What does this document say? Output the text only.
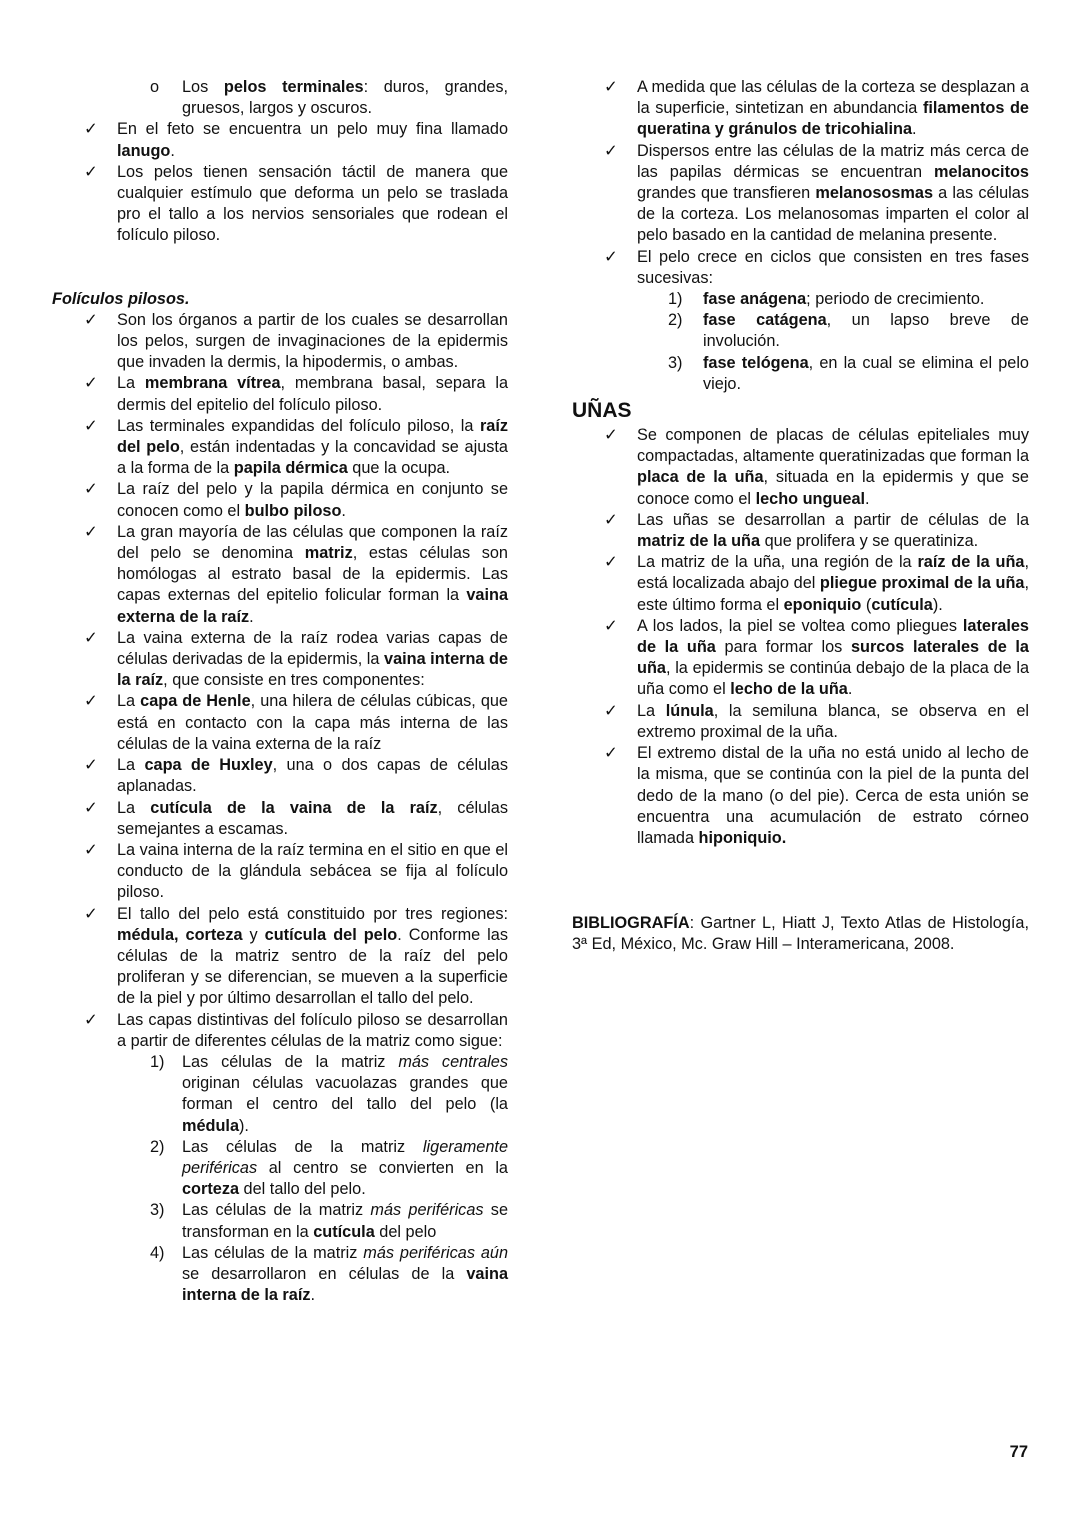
o Los pelos terminales: duros, grandes, gruesos, largos y oscuros.
✓ En el feto se encuentra un pelo muy fina llamado lanugo.
✓ Los pelos tienen sensación táctil de manera que cualquier estímulo que deforma un pelo se traslada pro el tallo a los nervios sensoriales que rodean el folículo piloso.
Folículos pilosos.
✓ Son los órganos a partir de los cuales se desarrollan los pelos, surgen de invaginaciones de la epidermis que invaden la dermis, la hipodermis, o ambas.
✓ La membrana vítrea, membrana basal, separa la dermis del epitelio del folículo piloso.
✓ Las terminales expandidas del folículo piloso, la raíz del pelo, están indentadas y la concavidad se ajusta a la forma de la papila dérmica que la ocupa.
✓ La raíz del pelo y la papila dérmica en conjunto se conocen como el bulbo piloso.
✓ La gran mayoría de las células que componen la raíz del pelo se denomina matriz, estas células son homólogas al estrato basal de la epidermis. Las capas externas del epitelio folicular forman la vaina externa de la raíz.
✓ La vaina externa de la raíz rodea varias capas de células derivadas de la epidermis, la vaina interna de la raíz, que consiste en tres componentes:
✓ La capa de Henle, una hilera de células cúbicas, que está en contacto con la capa más interna de las células de la vaina externa de la raíz
✓ La capa de Huxley, una o dos capas de células aplanadas.
✓ La cutícula de la vaina de la raíz, células semejantes a escamas.
✓ La vaina interna de la raíz termina en el sitio en que el conducto de la glándula sebácea se fija al folículo piloso.
✓ El tallo del pelo está constituido por tres regiones: médula, corteza y cutícula del pelo. Conforme las células de la matriz sentro de la raíz del pelo proliferan y se diferencian, se mueven a la superficie de la piel y por último desarrollan el tallo del pelo.
✓ Las capas distintivas del folículo piloso se desarrollan a partir de diferentes células de la matriz como sigue:
1) Las células de la matriz más centrales originan células vacuolazas grandes que forman el centro del tallo del pelo (la médula).
2) Las células de la matriz ligeramente periféricas al centro se convierten en la corteza del tallo del pelo.
3) Las células de la matriz más periféricas se transforman en la cutícula del pelo
4) Las células de la matriz más periféricas aún se desarrollaron en células de la vaina interna de la raíz.
✓ A medida que las células de la corteza se desplazan a la superficie, sintetizan en abundancia filamentos de queratina y gránulos de tricohialina.
✓ Dispersos entre las células de la matriz más cerca de las papilas dérmicas se encuentran melanocitos grandes que transfieren melanososmas a las células de la corteza. Los melanosomas imparten el color al pelo basado en la cantidad de melanina presente.
✓ El pelo crece en ciclos que consisten en tres fases sucesivas:
1) fase anágena; periodo de crecimiento.
2) fase catágena, un lapso breve de involución.
3) fase telógena, en la cual se elimina el pelo viejo.
UÑAS
✓ Se componen de placas de células epiteliales muy compactadas, altamente queratinizadas que forman la placa de la uña, situada en la epidermis y que se conoce como el lecho ungueal.
✓ Las uñas se desarrollan a partir de células de la matriz de la uña que prolifera y se queratiniza.
✓ La matriz de la uña, una región de la raíz de la uña, está localizada abajo del pliegue proximal de la uña, este último forma el eponiquio (cutícula).
✓ A los lados, la piel se voltea como pliegues laterales de la uña para formar los surcos laterales de la uña, la epidermis se continúa debajo de la placa de la uña como el lecho de la uña.
✓ La lúnula, la semiluna blanca, se observa en el extremo proximal de la uña.
✓ El extremo distal de la uña no está unido al lecho de la misma, que se continúa con la piel de la punta del dedo de la mano (o del pie). Cerca de esta unión se encuentra una acumulación de estrato córneo llamada hiponiquio.
BIBLIOGRAFÍA: Gartner L, Hiatt J, Texto Atlas de Histología, 3ª Ed, México, Mc. Graw Hill – Interamericana, 2008.
77
